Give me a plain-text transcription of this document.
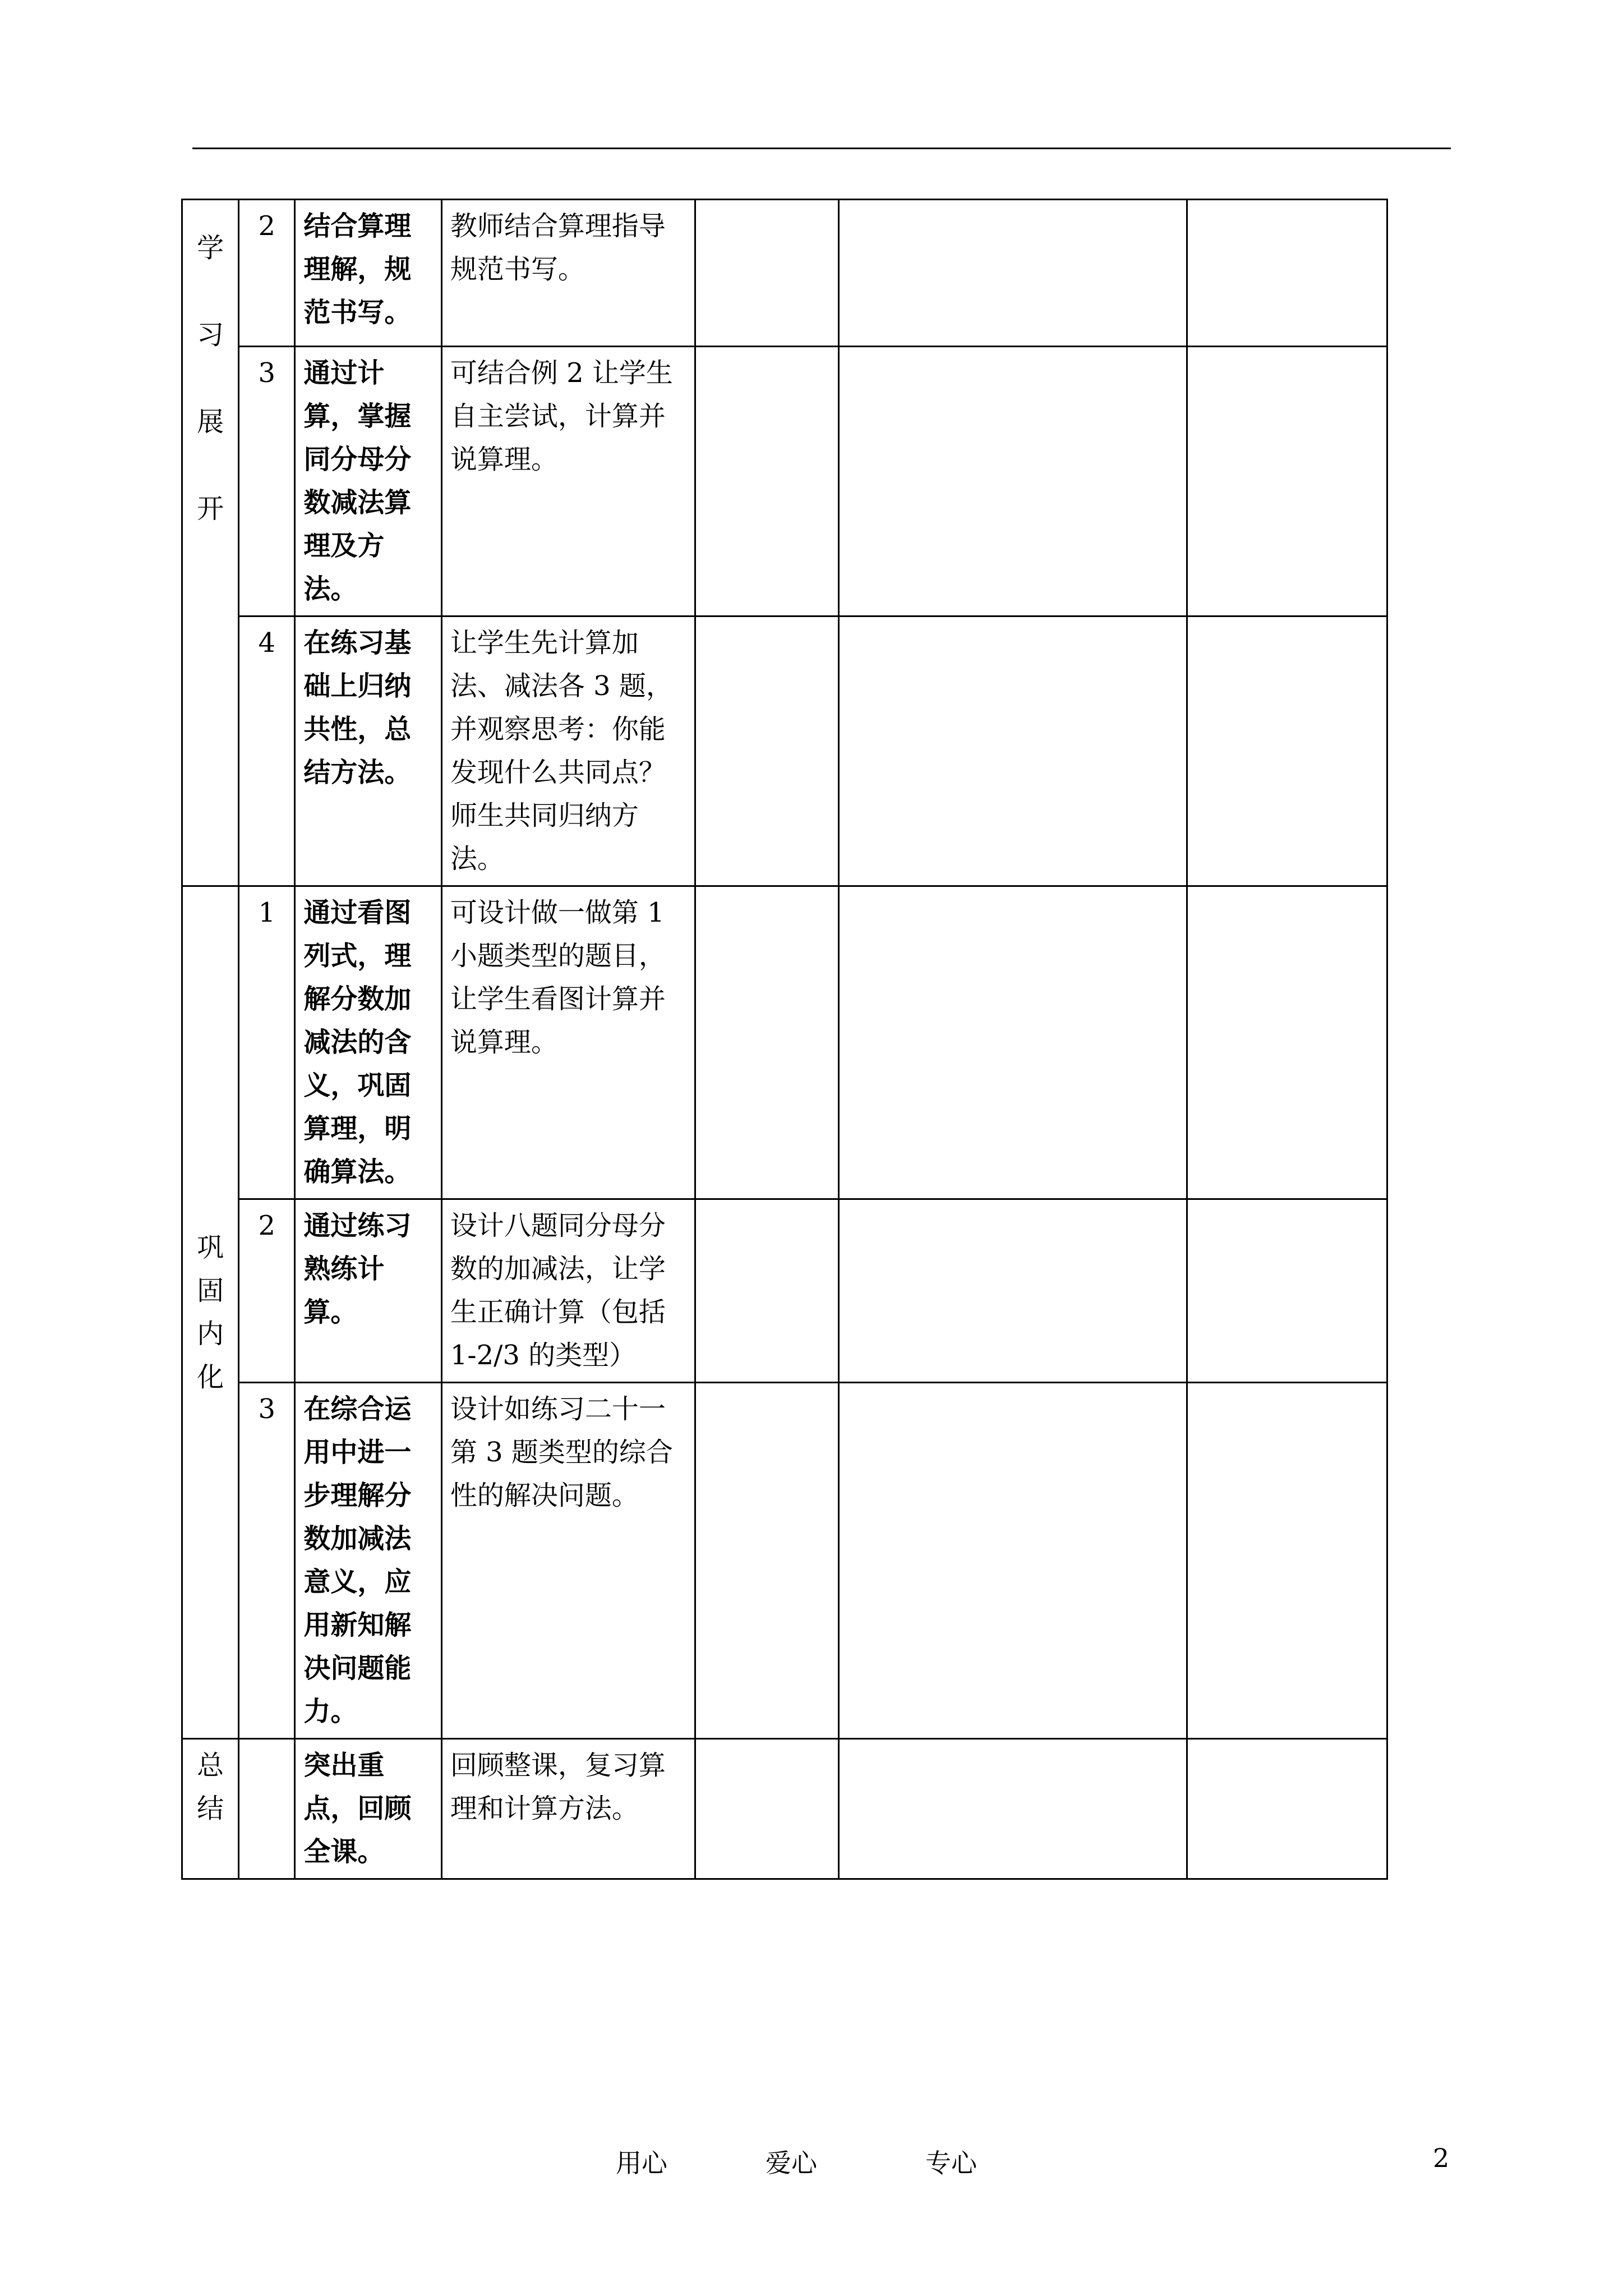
学习展开	2	结合算理理解，规范书写。	教师结合算理指导规范书写。			
	3	通过计算，掌握同分母分数减法算理及方法。	可结合例 2 让学生自主尝试，计算并说算理。			
	4	在练习基础上归纳共性，总结方法。	让学生先计算加法、减法各 3 题，并观察思考：你能发现什么共同点？师生共同归纳方法。			

巩固内化	1	通过看图列式，理解分数加减法的含义，巩固算理，明确算法。	可设计做一做第 1 小题类型的题目，让学生看图计算并说算理。			
	2	通过练习熟练计算。	设计八题同分母分数的加减法，让学生正确计算（包括 1-2/3 的类型）			
	3	在综合运用中进一步理解分数加减法意义，应用新知解决问题能力。	设计如练习二十一第 3 题类型的综合性的解决问题。			

总结		突出重点，回顾全课。	回顾整课，复习算理和计算方法。			
用心	爱心	专心	2
